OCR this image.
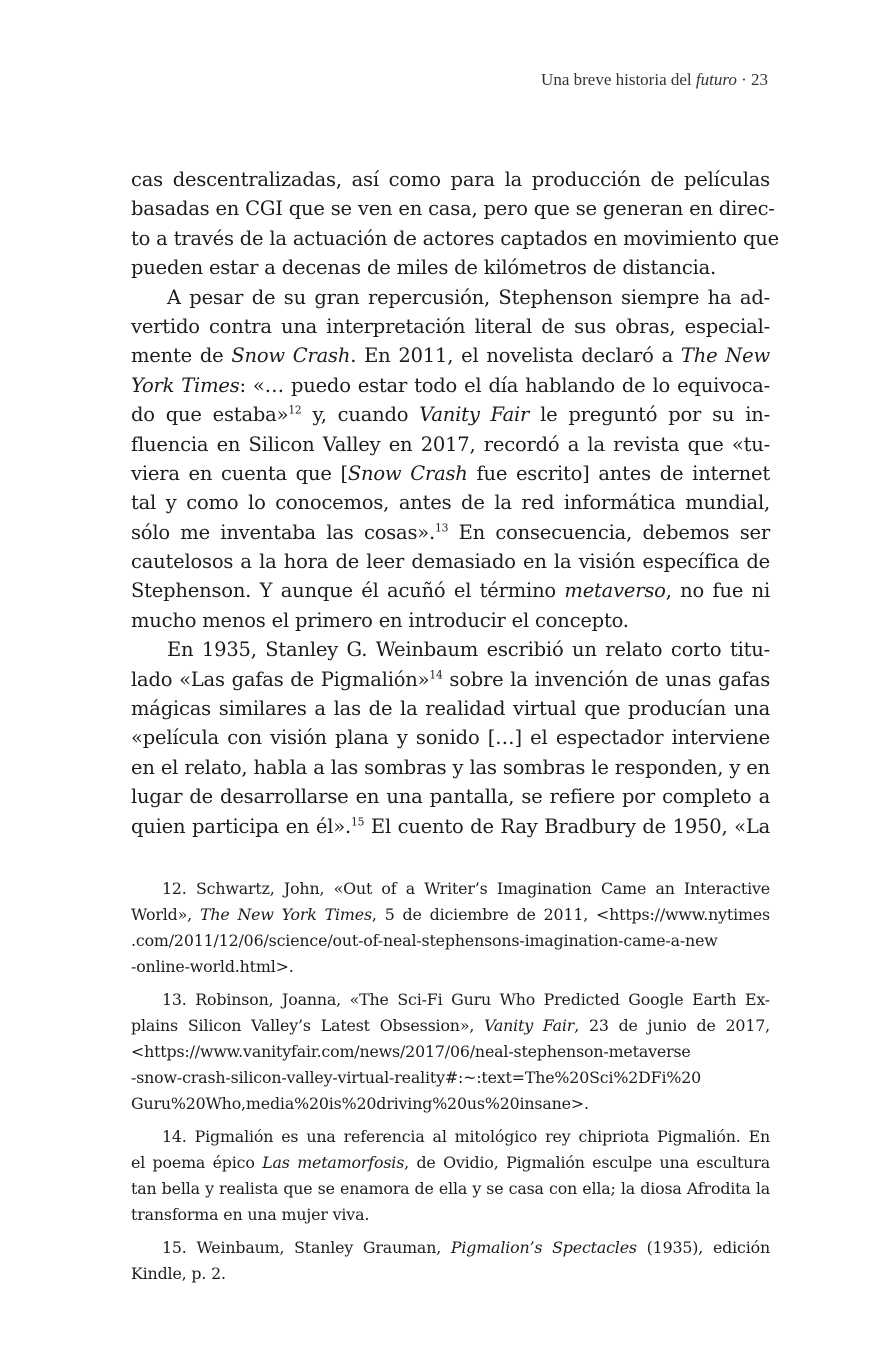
Una breve historia del futuro · 23
cas descentralizadas, así como para la producción de películas
basadas en CGI que se ven en casa, pero que se generan en direc-
to a través de la actuación de actores captados en movimiento que
pueden estar a decenas de miles de kilómetros de distancia.
A pesar de su gran repercusión, Stephenson siempre ha ad-
vertido contra una interpretación literal de sus obras, especial-
mente de Snow Crash. En 2011, el novelista declaró a The New
York Times: «… puedo estar todo el día hablando de lo equivoca-
do que estaba»$^{12}$ y, cuando Vanity Fair le preguntó por su in-
fluencia en Silicon Valley en 2017, recordó a la revista que «tu-
viera en cuenta que [Snow Crash fue escrito] antes de internet
tal y como lo conocemos, antes de la red informática mundial,
sólo me inventaba las cosas».$^{13}$ En consecuencia, debemos ser
cautelosos a la hora de leer demasiado en la visión específica de
Stephenson. Y aunque él acuñó el término metaverso, no fue ni
mucho menos el primero en introducir el concepto.
En 1935, Stanley G. Weinbaum escribió un relato corto titu-
lado «Las gafas de Pigmalión»$^{14}$ sobre la invención de unas gafas
mágicas similares a las de la realidad virtual que producían una
«película con visión plana y sonido […] el espectador interviene
en el relato, habla a las sombras y las sombras le responden, y en
lugar de desarrollarse en una pantalla, se refiere por completo a
quien participa en él».$^{15}$ El cuento de Ray Bradbury de 1950, «La
12. Schwartz, John, «Out of a Writer’s Imagination Came an Interactive
World», The New York Times, 5 de diciembre de 2011, <https://www.nytimes
.com/2011/12/06/science/out-of-neal-stephensons-imagination-came-a-new
-online-world.html>.
13. Robinson, Joanna, «The Sci-Fi Guru Who Predicted Google Earth Ex-
plains Silicon Valley’s Latest Obsession», Vanity Fair, 23 de junio de 2017,
<https://www.vanityfair.com/news/2017/06/neal-stephenson-metaverse
-snow-crash-silicon-valley-virtual-reality#:~:text=The%20Sci%2DFi%20
Guru%20Who,media%20is%20driving%20us%20insane>.
14. Pigmalión es una referencia al mitológico rey chipriota Pigmalión. En
el poema épico Las metamorfosis, de Ovidio, Pigmalión esculpe una escultura
tan bella y realista que se enamora de ella y se casa con ella; la diosa Afrodita la
transforma en una mujer viva.
15. Weinbaum, Stanley Grauman, Pigmalion’s Spectacles (1935), edición
Kindle, p. 2.
